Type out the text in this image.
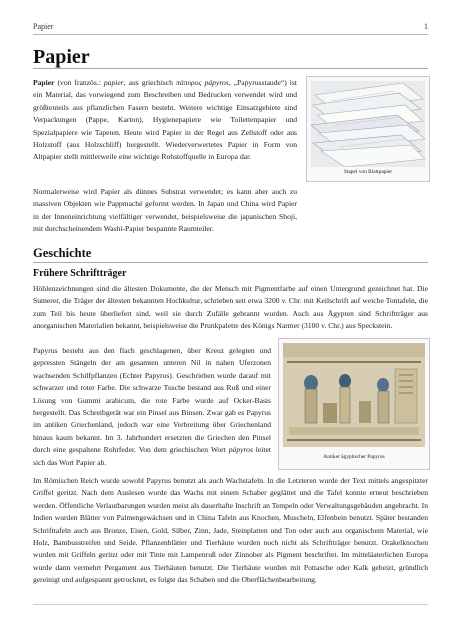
Papier	1
Papier
Stapel von Blattpapier

Papier (von französ.: papier, aus griechisch πάπυρος pápyros, „Papyrusstaude“) ist ein Material, das vorwiegend zum Beschreiben und Bedrucken verwendet wird und größtenteils aus pflanzlichen Fasern besteht. Weitere wichtige Einsatzgebiete sind Verpackungen (Pappe, Karton), Hygienepapiere wie Toilettenpapier und Spezialpapiere wie Tapeten. Heute wird Papier in der Regel aus Zellstoff oder aus Holzstoff (aus Holzschliff) hergestellt. Wiederverwertetes Papier in Form von Altpapier stellt mittlerweile eine wichtige Rohstoffquelle in Europa dar.

Normalerweise wird Papier als dünnes Substrat verwendet; es kann aber auch zu massiven Objekten wie Pappmaché geformt werden. In Japan und China wird Papier in der Inneneinrichtung vielfältiger verwendet, beispielsweise die japanischen Shoji, mit durchscheinendem Washi-Papier bespannte Raumteiler.

Geschichte
Frühere Schriftträger

Höhlenzeichnungen sind die ältesten Dokumente, die der Mensch mit Pigmentfarbe auf einen Untergrund gezeichnet hat. Die Sumerer, die Träger der ältesten bekannten Hochkultur, schrieben seit etwa 3200 v. Chr. mit Keilschrift auf weiche Tontafeln, die zum Teil bis heute überliefert sind, weil sie durch Zufälle gebrannt wurden. Auch aus Ägypten sind Schriftträger aus anorganischen Materialien bekannt, beispielsweise die Prunkpalette des Königs Narmer (3100 v. Chr.) aus Speckstein.

Antiker ägyptischer Papyrus

Papyrus besteht aus den flach geschlagenen, über Kreuz gelegten und gepressten Stängeln der am gesamten unteren Nil in nahen Uferzonen wachsenden Schilfpflanzen (Echter Papyrus). Geschrieben wurde darauf mit schwarzer und roter Farbe. Die schwarze Tusche bestand aus Ruß und einer Lösung von Gummi arabicum, die rote Farbe wurde auf Ocker-Basis hergestellt. Das Schreibgerät war ein Pinsel aus Binsen. Zwar gab es Papyrus im antiken Griechenland, jedoch war eine Verbreitung über Griechenland hinaus kaum bekannt. Im 3. Jahrhundert ersetzten die Griechen den Pinsel durch eine gespaltene Rohrfeder. Von dem griechischen Wort pápyros leitet sich das Wort Papier ab.

Im Römischen Reich wurde sowohl Papyrus benutzt als auch Wachstafeln. In die Letzteren wurde der Text mittels angespitzter Griffel geritzt. Nach dem Auslesen wurde das Wachs mit einem Schaber geglättet und die Tafel konnte erneut beschrieben werden. Öffentliche Verlautbarungen wurden meist als dauerhafte Inschrift an Tempeln oder Verwaltungsgebäuden angebracht. In Indien wurden Blätter von Palmengewächsen und in China Tafeln aus Knochen, Muscheln, Elfenbein benutzt. Später bestanden Schrifttafeln auch aus Bronze, Eisen, Gold, Silber, Zinn, Jade, Steinplatten und Ton oder auch aus organischem Material, wie Holz, Bambusstreifen und Seide. Pflanzenblätter und Tierhäute wurden noch nicht als Schriftträger benutzt. Orakelknochen wurden mit Griffeln geritzt oder mit Tinte mit Lampenruß oder Zinnober als Pigment beschriftet. Im mitteläaterlichen Europa wurde dann vermehrt Pergament aus Tierhäuten benutzt. Die Tierhäute wurden mit Pottasche oder Kalk gebeizt, gründlich gereinigt und aufgespannt getrocknet, es folgte das Schaben und die Oberflächenbearbeitung.
